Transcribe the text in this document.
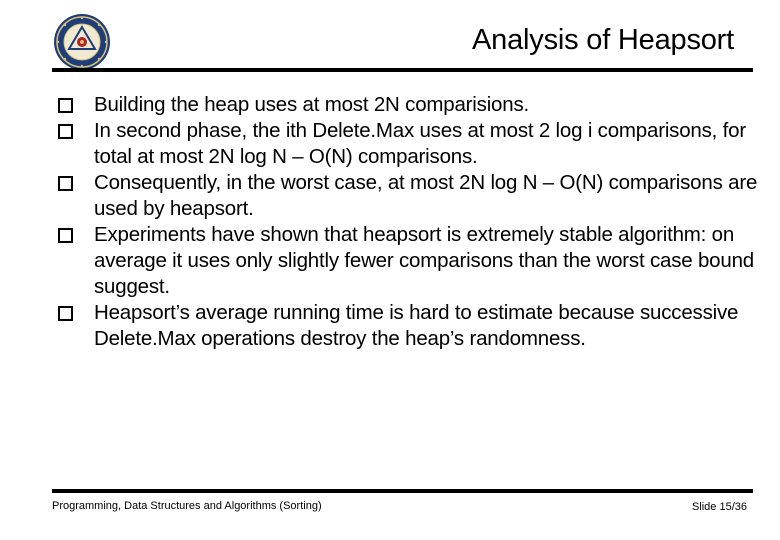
Analysis of Heapsort
Building the heap uses at most 2N comparisions.
In second phase, the ith Delete.Max uses at most 2 log i comparisons, for total at most 2N log N – O(N) comparisons.
Consequently, in the worst case, at most 2N log N – O(N) comparisons are used by heapsort.
Experiments have shown that heapsort is extremely stable algorithm: on average it uses only slightly fewer comparisons than the worst case bound suggest.
Heapsort’s average running time is hard to estimate because successive Delete.Max operations destroy the heap’s randomness.
Programming, Data Structures and Algorithms (Sorting)	Slide 15/36
